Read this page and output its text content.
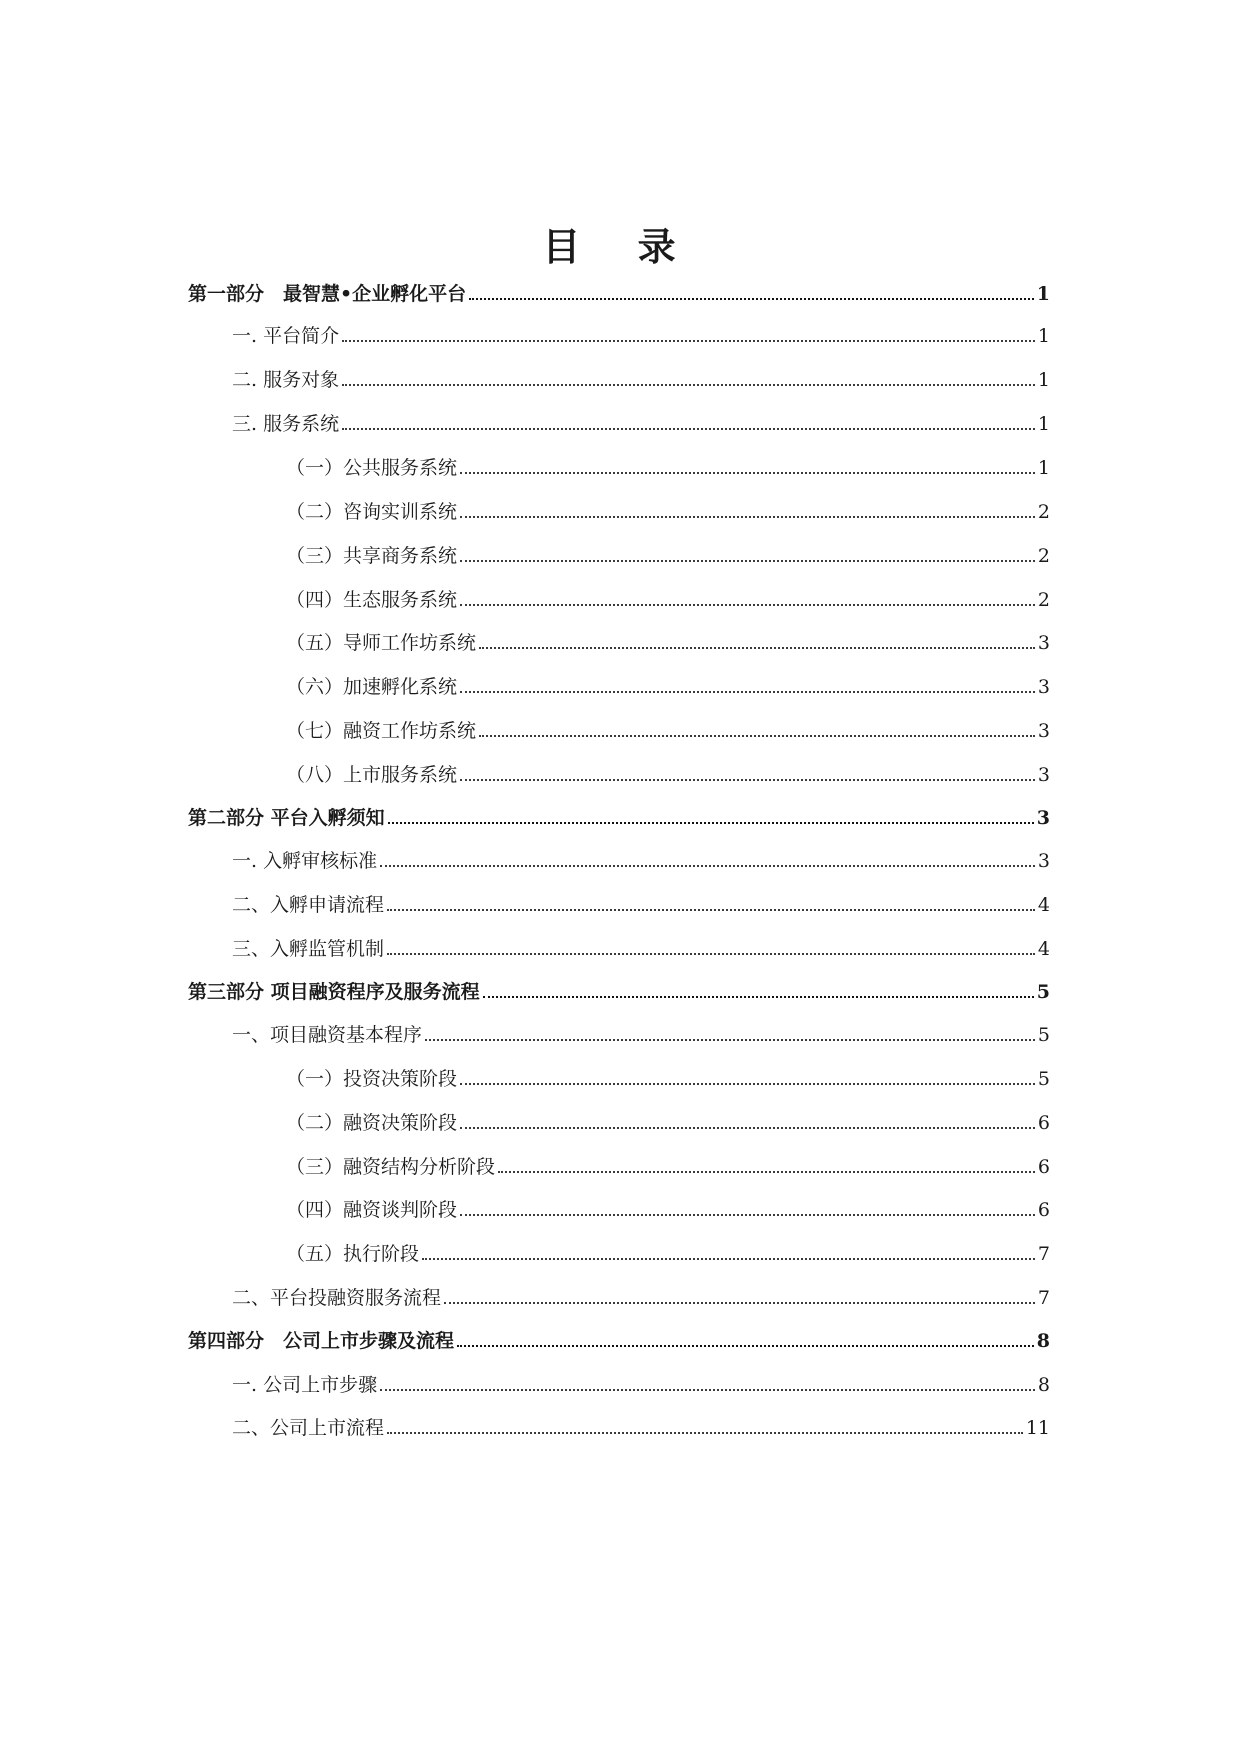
目 录
第一部分　最智慧•企业孵化平台	1
一. 平台简介	1
二. 服务对象	1
三. 服务系统	1
（一）公共服务系统	1
（二）咨询实训系统	2
（三）共享商务系统	2
（四）生态服务系统	2
（五）导师工作坊系统	3
（六）加速孵化系统	3
（七）融资工作坊系统	3
（八）上市服务系统	3
第二部分 平台入孵须知	3
一. 入孵审核标准	3
二、入孵申请流程	4
三、入孵监管机制	4
第三部分 项目融资程序及服务流程	5
一、项目融资基本程序	5
（一）投资决策阶段	5
（二）融资决策阶段	6
（三）融资结构分析阶段	6
（四）融资谈判阶段	6
（五）执行阶段	7
二、平台投融资服务流程	7
第四部分　公司上市步骤及流程	8
一. 公司上市步骤	8
二、公司上市流程	11
